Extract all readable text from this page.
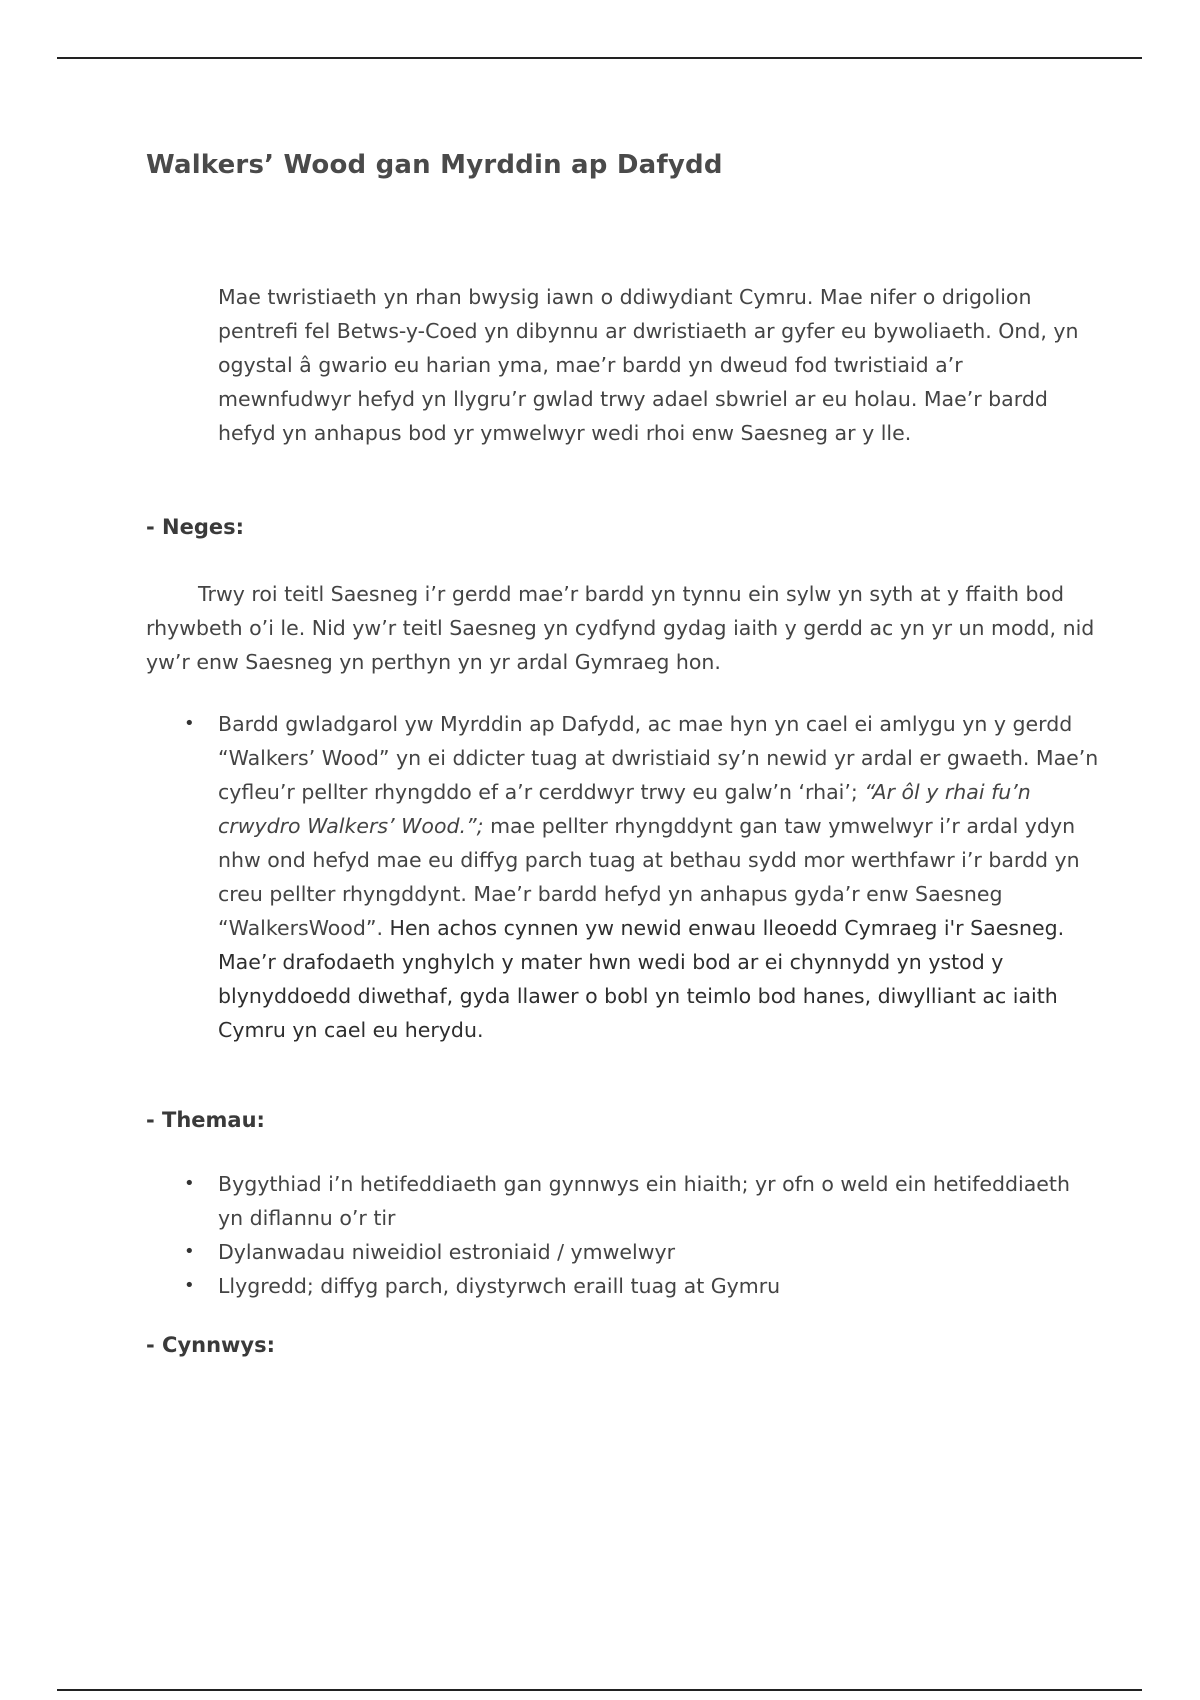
Walkers’ Wood gan Myrddin ap Dafydd

Mae twristiaeth yn rhan bwysig iawn o ddiwydiant Cymru. Mae nifer o drigolion pentrefi fel Betws-y-Coed yn dibynnu ar dwristiaeth ar gyfer eu bywoliaeth. Ond, yn ogystal â gwario eu harian yma, mae’r bardd yn dweud fod twristiaid a’r mewnfudwyr hefyd yn llygru’r gwlad trwy adael sbwriel ar eu holau. Mae’r bardd hefyd yn anhapus bod yr ymwelwyr wedi rhoi enw Saesneg ar y lle.

- Neges:

Trwy roi teitl Saesneg i’r gerdd mae’r bardd yn tynnu ein sylw yn syth at y ffaith bod rhywbeth o’i le. Nid yw’r teitl Saesneg yn cydfynd gydag iaith y gerdd ac yn yr un modd, nid yw’r enw Saesneg yn perthyn yn yr ardal Gymraeg hon.

• Bardd gwladgarol yw Myrddin ap Dafydd, ac mae hyn yn cael ei amlygu yn y gerdd “Walkers’ Wood” yn ei ddicter tuag at dwristiaid sy’n newid yr ardal er gwaeth. Mae’n cyfleu’r pellter rhyngddo ef a’r cerddwyr trwy eu galw’n ‘rhai’; “Ar ôl y rhai fu’n crwydro Walkers’ Wood.”; mae pellter rhyngddynt gan taw ymwelwyr i’r ardal ydyn nhw ond hefyd mae eu diffyg parch tuag at bethau sydd mor werthfawr i’r bardd yn creu pellter rhyngddynt. Mae’r bardd hefyd yn anhapus gyda’r enw Saesneg “WalkersWood”. Hen achos cynnen yw newid enwau lleoedd Cymraeg i'r Saesneg. Mae’r drafodaeth ynghylch y mater hwn wedi bod ar ei chynnydd yn ystod y blynyddoedd diwethaf, gyda llawer o bobl yn teimlo bod hanes, diwylliant ac iaith Cymru yn cael eu herydu.
- Themau:
• Bygythiad i’n hetifeddiaeth gan gynnwys ein hiaith; yr ofn o weld ein hetifeddiaeth yn diflannu o’r tir
• Dylanwadau niweidiol estroniaid / ymwelwyr
• Llygredd; diffyg parch, diystyrwch eraill tuag at Gymru
- Cynnwys:
